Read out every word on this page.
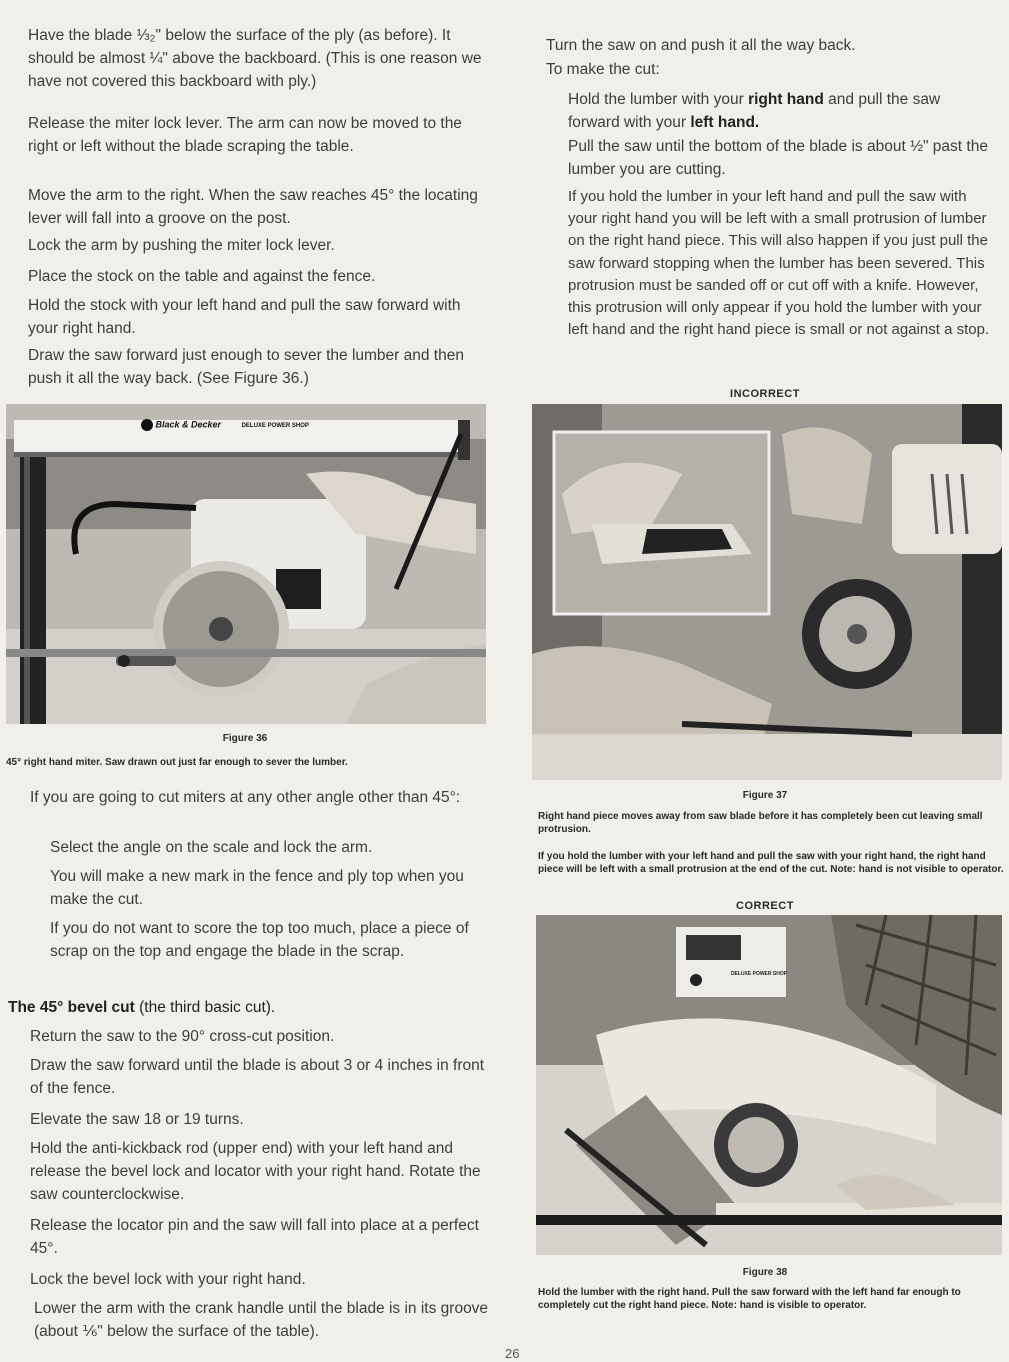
Have the blade ⅓₂" below the surface of the ply (as before). It should be almost ¼" above the backboard. (This is one reason we have not covered this backboard with ply.)

Release the miter lock lever. The arm can now be moved to the right or left without the blade scraping the table.

Move the arm to the right. When the saw reaches 45° the locating lever will fall into a groove on the post.

Lock the arm by pushing the miter lock lever.

Place the stock on the table and against the fence.

Hold the stock with your left hand and pull the saw forward with your right hand.

Draw the saw forward just enough to sever the lumber and then push it all the way back. (See Figure 36.)

Black & Decker	DELUXE POWER SHOP
Figure 36
45° right hand miter. Saw drawn out just far enough to sever the lumber.

If you are going to cut miters at any other angle other than 45°:

Select the angle on the scale and lock the arm.

You will make a new mark in the fence and ply top when you make the cut.

If you do not want to score the top too much, place a piece of scrap on the top and engage the blade in the scrap.

The 45° bevel cut (the third basic cut).

Return the saw to the 90° cross-cut position.

Draw the saw forward until the blade is about 3 or 4 inches in front of the fence.

Elevate the saw 18 or 19 turns.

Hold the anti-kickback rod (upper end) with your left hand and release the bevel lock and locator with your right hand. Rotate the saw counterclockwise.

Release the locator pin and the saw will fall into place at a perfect 45°.

Lock the bevel lock with your right hand.

Lower the arm with the crank handle until the blade is in its groove (about ⅙" below the surface of the table).

Turn the saw on and push it all the way back.

To make the cut:

Hold the lumber with your right hand and pull the saw forward with your left hand.

Pull the saw until the bottom of the blade is about ½" past the lumber you are cutting.

If you hold the lumber in your left hand and pull the saw with your right hand you will be left with a small protrusion of lumber on the right hand piece. This will also happen if you just pull the saw forward stopping when the lumber has been severed. This protrusion must be sanded off or cut off with a knife. However, this protrusion will only appear if you hold the lumber with your left hand and the right hand piece is small or not against a stop.

INCORRECT
Figure 37
Right hand piece moves away from saw blade before it has completely been cut leaving small protrusion.
If you hold the lumber with your left hand and pull the saw with your right hand, the right hand piece will be left with a small protrusion at the end of the cut. Note: hand is not visible to operator.
CORRECT
DELUXE POWER SHOP
Figure 38
Hold the lumber with the right hand. Pull the saw forward with the left hand far enough to completely cut the right hand piece. Note: hand is visible to operator.
26
